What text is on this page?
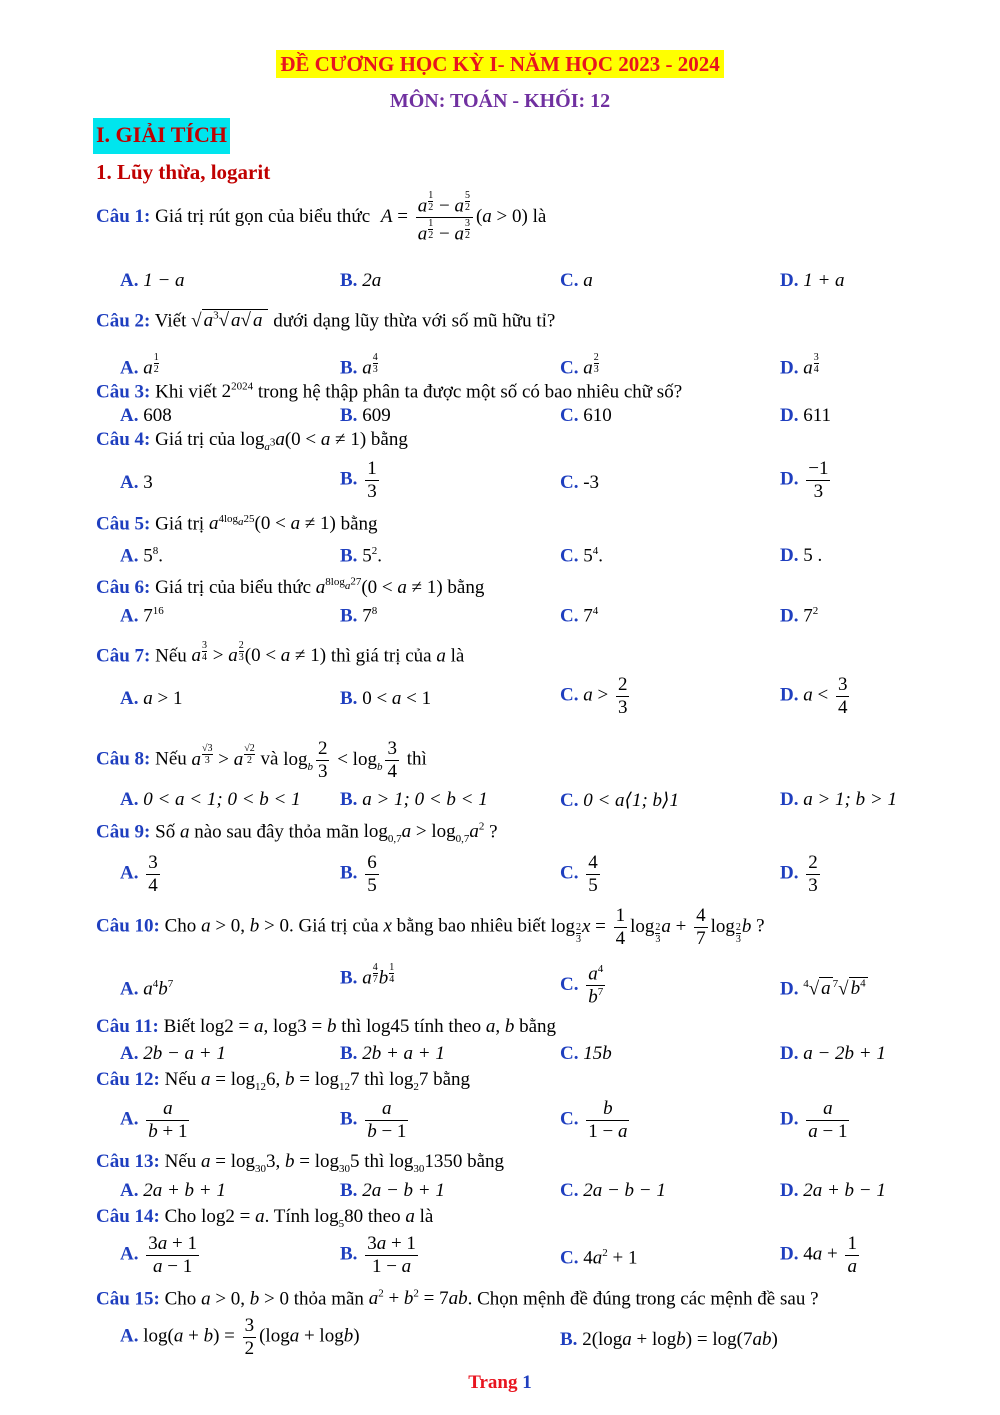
ĐỀ CƯƠNG HỌC KỲ I- NĂM HỌC 2023 - 2024
MÔN: TOÁN - KHỐI: 12
I. GIẢI TÍCH
1. Lũy thừa, logarit
Câu 1: Giá trị rút gọn của biểu thức A = a $^{\frac{1}{2}}$ − a $^{\frac{5}{2}}$
a $^{\frac{1}{2}}$ − a $^{\frac{3}{2}}$ (a > 0) là
A. 1 − a	B. 2a	C. a	D. 1 + a
Câu 2: Viết √ $a^3√$ a√ a dưới dạng lũy thừa với số mũ hữu tỉ?
A. a $^{\frac{1}{2}}$	B. a $^{\frac{4}{3}}$	C. a $^{\frac{2}{3}}$	D. a $^{\frac{3}{4}}$
Câu 3: Khi viết $2^{2024}$ trong hệ thập phân ta được một số có bao nhiêu chữ số?
A. 608	B. 609	C. 610	D. 611
Câu 4: Giá trị của $\log_{a^3}a(0 < a \ne 1)$ bằng
A. 3	B. $\frac{1}{3}$	C. -3	D. $\frac{-1}{3}$
Câu 5: Giá trị $a^{4log_a25}(0 < a \ne 1)$ bằng
A. $5^8$.	B. $5^2$.	C. $5^4$.	D. 5 .
Câu 6: Giá trị của biểu thức $a^{8log_{a^2}7}(0 < a \ne 1)$ bằng
A. $7^{16}$	B. $7^8$	C. $7^4$	D. $7^2$
Câu 7: Nếu a $^{\frac{3}{4}}$ > a $^{\frac{2}{3}}$ (0 < a ≠ 1) thì giá trị của a là
A. a > 1	B. 0 < a < 1	C. $a > \frac{2}{3}$	D. $a < \frac{3}{4}$
Câu 8: Nếu a $^{\frac{√3}{3}}$ > a $^{\frac{√2}{2}}$ và $\log_b \frac{2}{3} < \log_b \frac{3}{4}$ thì
A. 0 < a < 1; 0 < b < 1 B. a > 1; 0 < b < 1	C. 0 < a⟨1; b⟩1	D. a > 1; b > 1
Câu 9: Số a nào sau đây thỏa mãn $\log_{0,7}a > \log_{0,7}a^2$ ?
A. $\frac{3}{4}$	B. $\frac{6}{5}$	C. $\frac{4}{5}$	D. $\frac{2}{3}$
Câu 10: Cho a > 0, b > 0. Giá trị của x bằng bao nhiêu biết log $_{\frac{2}{3}}$ $x = \frac{1}{4}$ log $_{\frac{2}{3}}$ $a + \frac{4}{7}$ log $_{\frac{2}{3}}$ b ?
A. $a^4b^7$	B. a $^{\frac{4}{7}}$ b $^{\frac{1}{4}}$	C. $\frac{a^4}{b^7}$	D. $^4$√ a $^7$√ $b^4$
Câu 11: Biết log2 = a, log3 = b thì log45 tính theo a, b bằng
A. 2b − a + 1	B. 2b + a + 1	C. 15b	D. a − 2b + 1
Câu 12: Nếu $a = \log_{12}6$, $b = \log_{12}7$ thì $\log_27$ bằng
A. $\frac{a}{b + 1}$	B. $\frac{a}{b - 1}$	C. $\frac{b}{1 - a}$	D. $\frac{a}{a - 1}$
Câu 13: Nếu $a = \log_{30}3$, $b = \log_{30}5$ thì $\log_{30}1350$ bằng
A. 2a + b + 1	B. 2a − b + 1	C. 2a − b − 1	D. 2a + b − 1
Câu 14: Cho log2 = a. Tính $\log_580$ theo a là
A. $\frac{3a + 1}{a - 1}$	B. $\frac{3a + 1}{1 - a}$	C. $4a^2 + 1$	D. $4a + \frac{1}{a}$
Câu 15: Cho a > 0, b > 0 thỏa mãn $a^2 + b^2 = 7ab$. Chọn mệnh đề đúng trong các mệnh đề sau ?
A. $\log(a + b) = \frac{3}{2} (\log a + \log b)$	B. 2(loga + logb) = log(7ab)
Trang 1
